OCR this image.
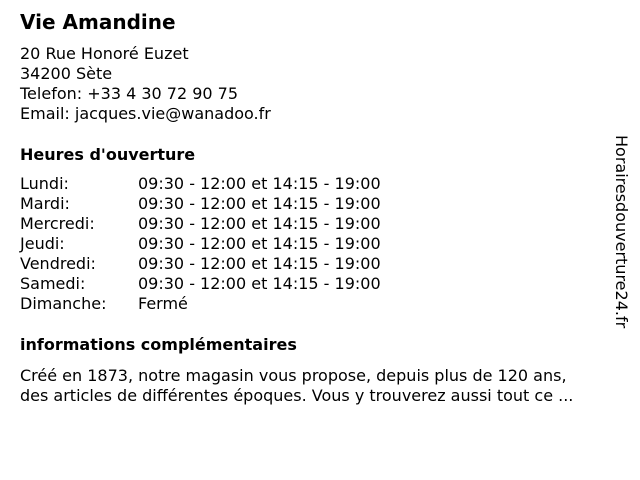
Vie Amandine
20 Rue Honoré Euzet
34200 Sète
Telefon: +33 4 30 72 90 75
Email: jacques.vie@wanadoo.fr
Heures d'ouverture
Lundi:	09:30 - 12:00 et 14:15 - 19:00
Mardi:	09:30 - 12:00 et 14:15 - 19:00
Mercredi:	09:30 - 12:00 et 14:15 - 19:00
Jeudi:	09:30 - 12:00 et 14:15 - 19:00
Vendredi:	09:30 - 12:00 et 14:15 - 19:00
Samedi:	09:30 - 12:00 et 14:15 - 19:00
Dimanche: Fermé
informations complémentaires
Créé en 1873, notre magasin vous propose, depuis plus de 120 ans,
des articles de différentes époques. Vous y trouverez aussi tout ce ...
Horairesdouverture24.fr
